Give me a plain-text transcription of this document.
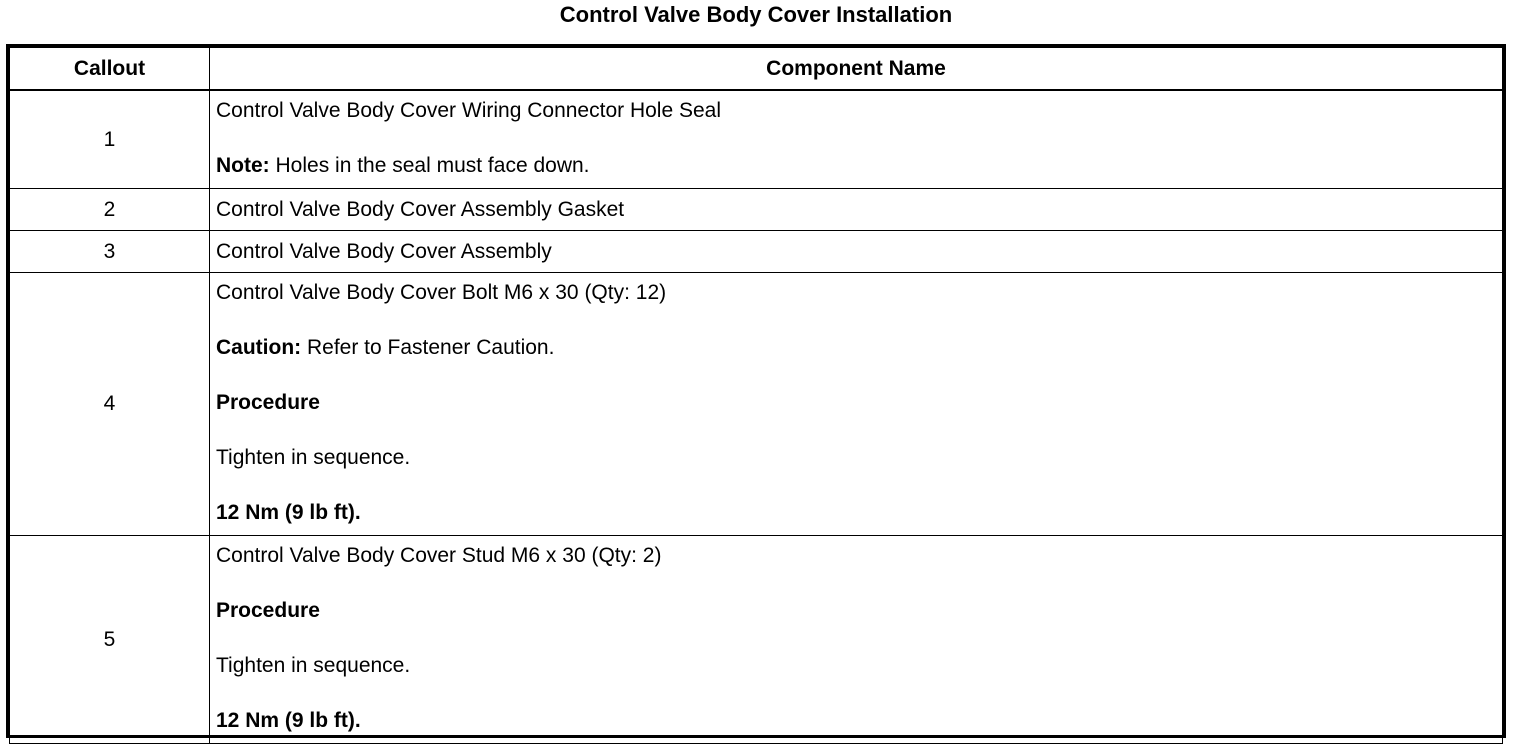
Control Valve Body Cover Installation
Callout	Component Name
1	Control Valve Body Cover Wiring Connector Hole Seal
Note: Holes in the seal must face down.

2	Control Valve Body Cover Assembly Gasket

3	Control Valve Body Cover Assembly

4	Control Valve Body Cover Bolt M6 x 30 (Qty: 12)
Caution: Refer to Fastener Caution.
Procedure
Tighten in sequence.
12 Nm (9 lb ft).

5	Control Valve Body Cover Stud M6 x 30 (Qty: 2)
Procedure
Tighten in sequence.
12 Nm (9 lb ft).
